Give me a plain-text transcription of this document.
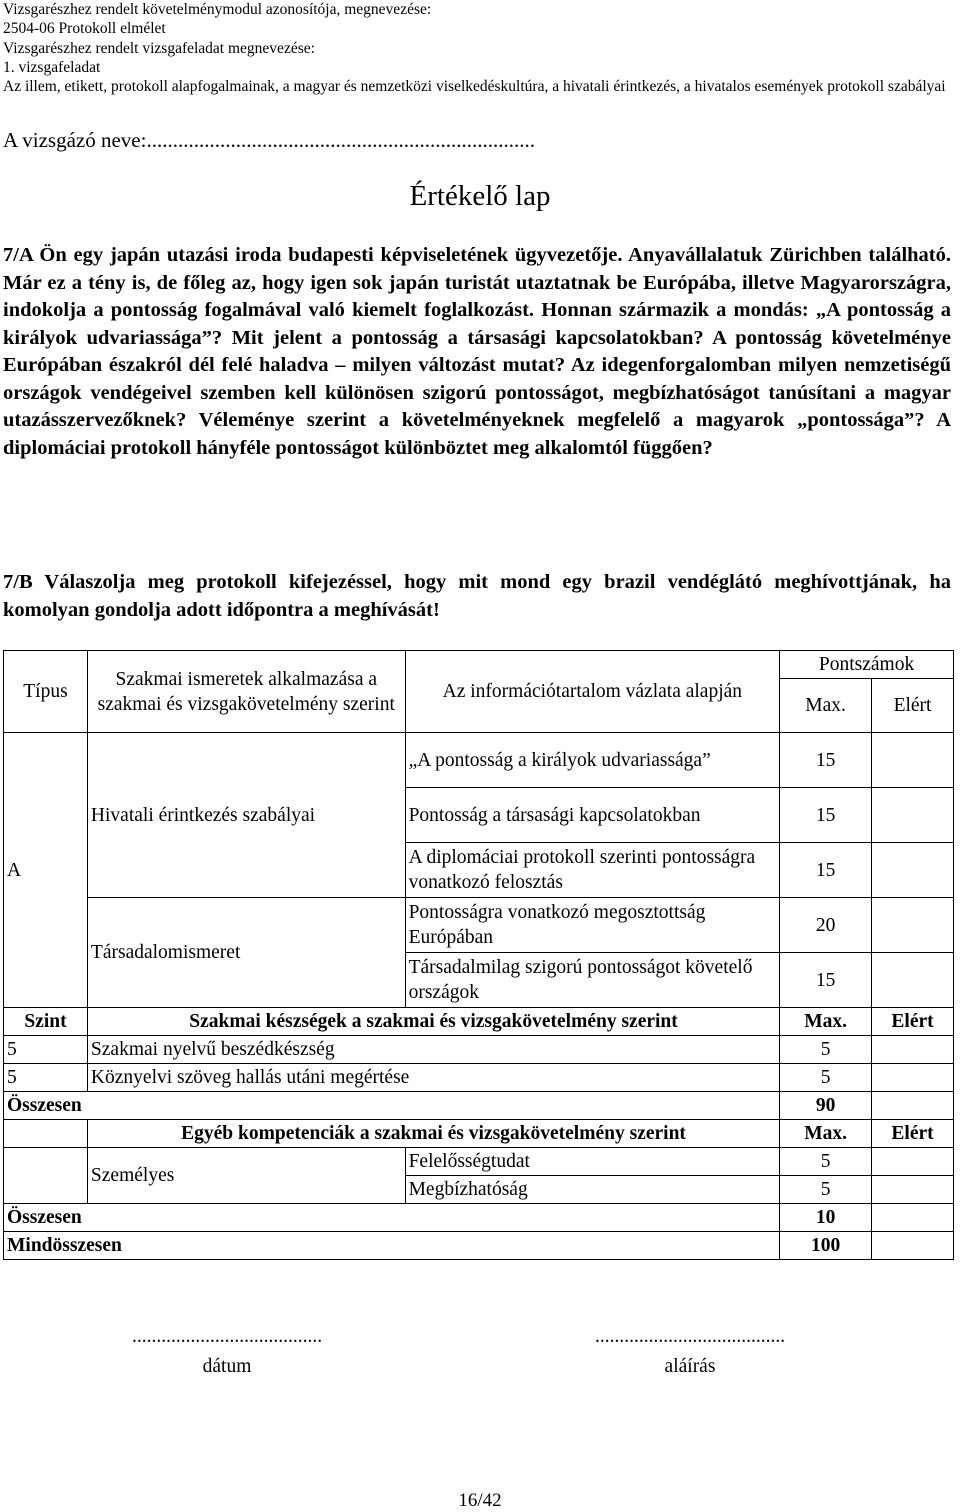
Vizsgarészhez rendelt követelménymodul azonosítója, megnevezése:
2504-06 Protokoll elmélet
Vizsgarészhez rendelt vizsgafeladat megnevezése:
1. vizsgafeladat
Az illem, etikett, protokoll alapfogalmainak, a magyar és nemzetközi viselkedéskultúra, a hivatali érintkezés, a hivatalos események protokoll szabályai
A vizsgázó neve:..........................................................................
Értékelő lap

7/A Ön egy japán utazási iroda budapesti képviseletének ügyvezetője. Anyavállalatuk Zürichben található. Már ez a tény is, de főleg az, hogy igen sok japán turistát utaztatnak be Európába, illetve Magyarországra, indokolja a pontosság fogalmával való kiemelt foglalkozást. Honnan származik a mondás: „A pontosság a királyok udvariassága”? Mit jelent a pontosság a társasági kapcsolatokban? A pontosság követelménye Európában északról dél felé haladva – milyen változást mutat? Az idegenforgalomban milyen nemzetiségű országok vendégeivel szemben kell különösen szigorú pontosságot, megbízhatóságot tanúsítani a magyar utazásszervezőknek? Véleménye szerint a követelményeknek megfelelő a magyarok „pontossága”? A diplomáciai protokoll hányféle pontosságot különböztet meg alkalomtól függően?

7/B Válaszolja meg protokoll kifejezéssel, hogy mit mond egy brazil vendéglátó meghívottjának, ha komolyan gondolja adott időpontra a meghívását!

Típus	Szakmai ismeretek alkalmazása a szakmai és vizsgakövetelmény szerint	Az információtartalom vázlata alapján	Pontszámok	
			Max.	Elért
A	Hivatali érintkezés szabályai	„A pontosság a királyok udvariassága”	15	
		Pontosság a társasági kapcsolatokban	15	
		A diplomáciai protokoll szerinti pontosságra vonatkozó felosztás	15	
	Társadalomismeret	Pontosságra vonatkozó megosztottság Európában	20	
		Társadalmilag szigorú pontosságot követelő országok	15	
Szint	Szakmai készségek a szakmai és vizsgakövetelmény szerint		Max.	Elért
5	Szakmai nyelvű beszédkészség		5	
5	Köznyelvi szöveg hallás utáni megértése		5	
Összesen			90	
	Egyéb kompetenciák a szakmai és vizsgakövetelmény szerint		Max.	Elért
	Személyes	Felelősségtudat	5	
		Megbízhatóság	5	
Összesen			10	
Mindösszesen			100	
.......................................
dátum
.......................................
aláírás
16/42
